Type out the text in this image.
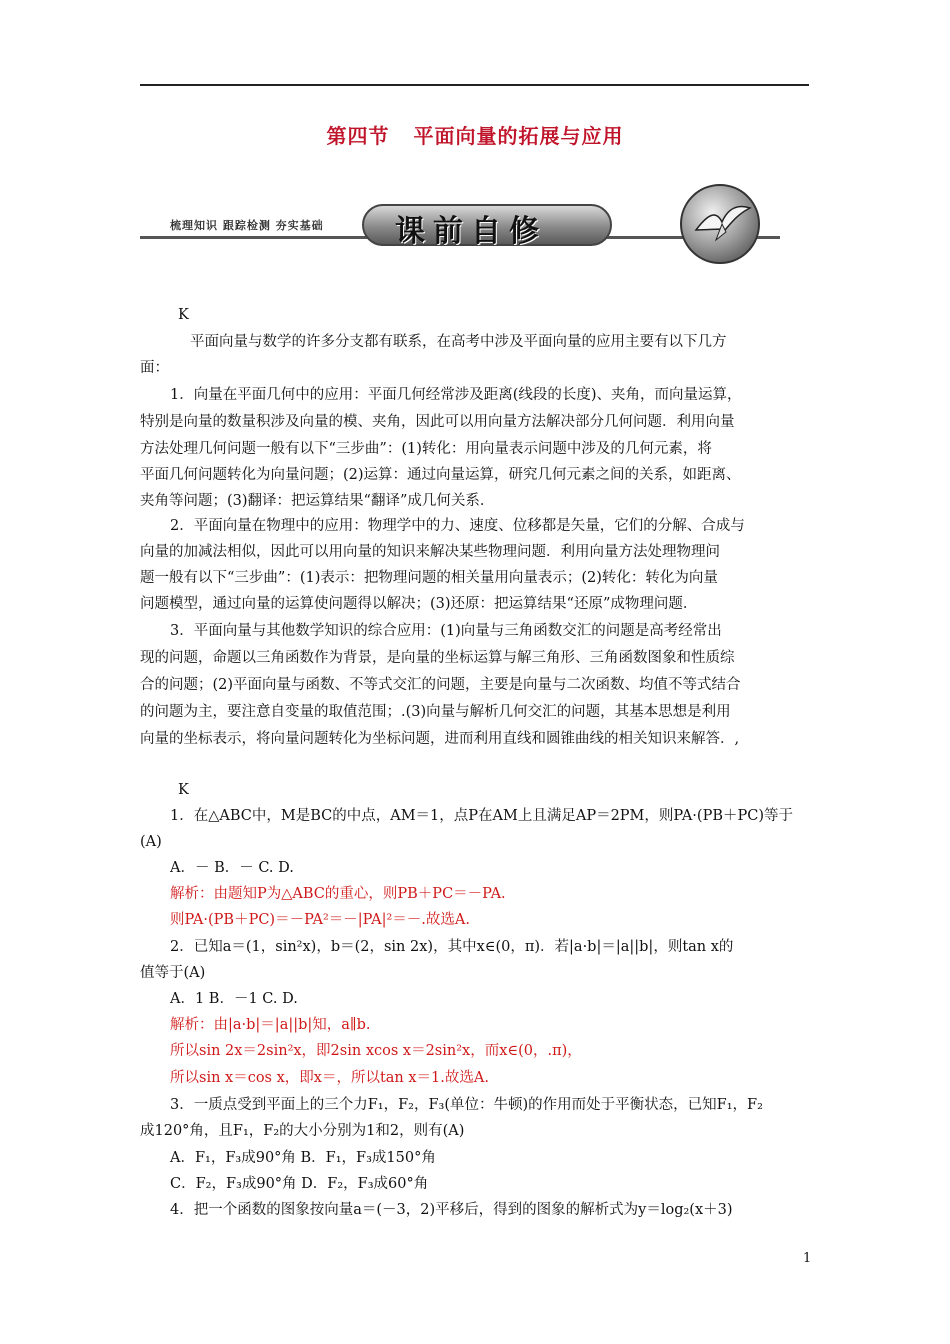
第四节 平面向量的拓展与应用
梳理知识 跟踪检测 夯实基础 课前自修
K
平面向量与数学的许多分支都有联系，在高考中涉及平面向量的应用主要有以下几方
面：
1．向量在平面几何中的应用：平面几何经常涉及距离(线段的长度)、夹角，而向量运算，
特别是向量的数量积涉及向量的模、夹角，因此可以用向量方法解决部分几何问题．利用向量
方法处理几何问题一般有以下“三步曲”：(1)转化：用向量表示问题中涉及的几何元素，将
平面几何问题转化为向量问题；(2)运算：通过向量运算，研究几何元素之间的关系，如距离、
夹角等问题；(3)翻译：把运算结果“翻译”成几何关系．
2．平面向量在物理中的应用：物理学中的力、速度、位移都是矢量，它们的分解、合成与
向量的加减法相似，因此可以用向量的知识来解决某些物理问题．利用向量方法处理物理问
题一般有以下“三步曲”：(1)表示：把物理问题的相关量用向量表示；(2)转化：转化为向量
问题模型，通过向量的运算使问题得以解决；(3)还原：把运算结果“还原”成物理问题．
3．平面向量与其他数学知识的综合应用：(1)向量与三角函数交汇的问题是高考经常出
现的问题，命题以三角函数作为背景，是向量的坐标运算与解三角形、三角函数图象和性质综
合的问题；(2)平面向量与函数、不等式交汇的问题，主要是向量与二次函数、均值不等式结合
的问题为主，要注意自变量的取值范围；.(3)向量与解析几何交汇的问题，其基本思想是利用
向量的坐标表示，将向量问题转化为坐标问题，进而利用直线和圆锥曲线的相关知识来解答．,
K
1．在△ABC中，M是BC的中点，AM＝1，点P在AM上且满足AP＝2PM，则PA·(PB＋PC)等于
(A)
A．－ B．－ C. D.
解析：由题知P为△ABC的重心，则PB＋PC＝－PA.
则PA·(PB＋PC)＝－PA²＝－|PA|²＝－.故选A.
2．已知a＝(1，sin²x)，b＝(2，sin 2x)，其中x∈(0，π)．若|a·b|＝|a||b|，则tan x的
值等于(A)
A．1 B．－1 C. D.
解析：由|a·b|＝|a||b|知，a∥b.
所以sin 2x＝2sin²x，即2sin xcos x＝2sin²x，而x∈(0，.π)，
所以sin x＝cos x，即x＝，所以tan x＝1.故选A.
3．一质点受到平面上的三个力F₁，F₂，F₃(单位：牛顿)的作用而处于平衡状态，已知F₁，F₂
成120°角，且F₁，F₂的大小分别为1和2，则有(A)
A．F₁，F₃成90°角 B．F₁，F₃成150°角
C．F₂，F₃成90°角 D．F₂，F₃成60°角
4．把一个函数的图象按向量a＝(－3，2)平移后，得到的图象的解析式为y＝log₂(x＋3)
1
